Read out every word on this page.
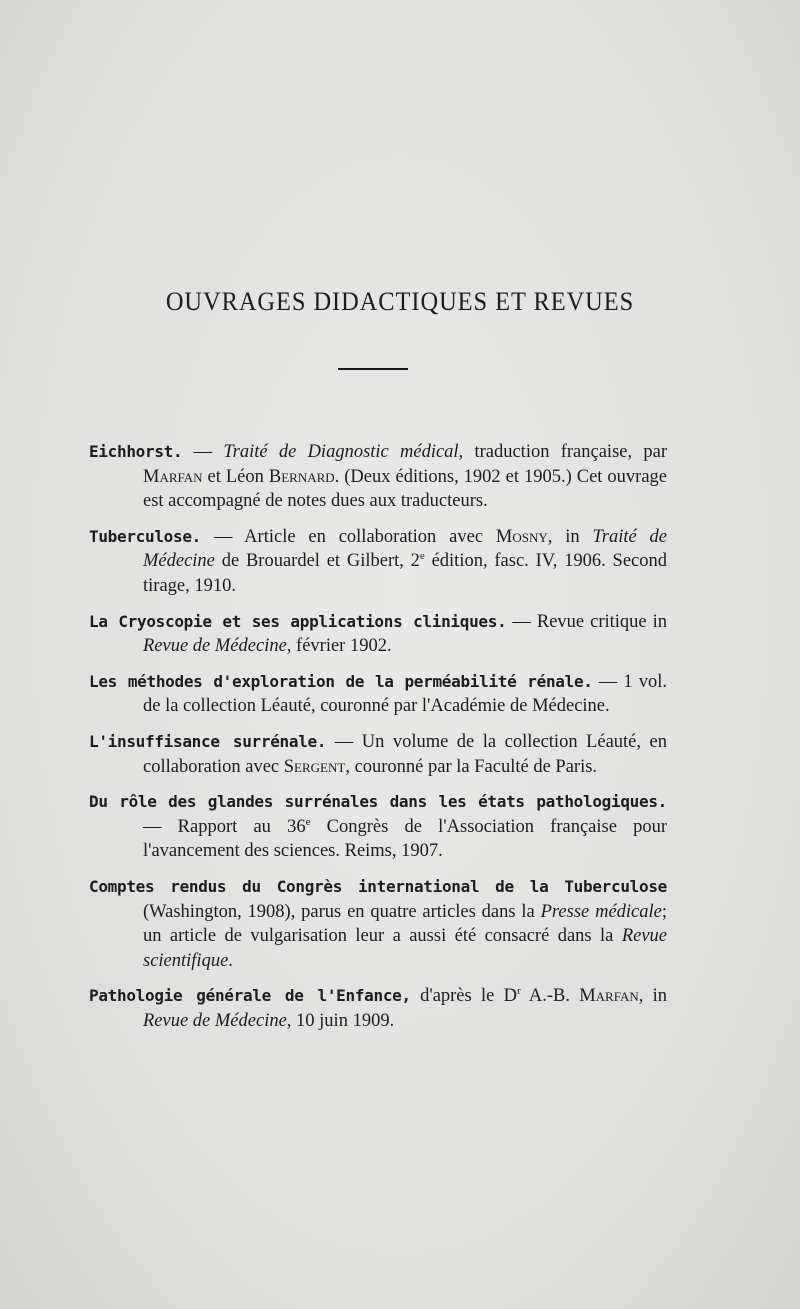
OUVRAGES DIDACTIQUES ET REVUES

Eichhorst. — Traité de Diagnostic médical, traduction française, par Marfan et Léon Bernard. (Deux éditions, 1902 et 1905.) Cet ouvrage est accompagné de notes dues aux traducteurs.

Tuberculose. — Article en collaboration avec Mosny, in Traité de Médecine de Brouardel et Gilbert, 2e édition, fasc. IV, 1906. Second tirage, 1910.

La Cryoscopie et ses applications cliniques. — Revue critique in Revue de Médecine, février 1902.

Les méthodes d'exploration de la perméabilité rénale. — 1 vol. de la collection Léauté, couronné par l'Académie de Médecine.

L'insuffisance surrénale. — Un volume de la collection Léauté, en collaboration avec Sergent, couronné par la Faculté de Paris.

Du rôle des glandes surrénales dans les états pathologiques. — Rapport au 36e Congrès de l'Association française pour l'avancement des sciences. Reims, 1907.

Comptes rendus du Congrès international de la Tuberculose (Washington, 1908), parus en quatre articles dans la Presse médicale; un article de vulgarisation leur a aussi été consacré dans la Revue scientifique.

Pathologie générale de l'Enfance, d'après le $D^r$ A.-B. Marfan, in Revue de Médecine, 10 juin 1909.
